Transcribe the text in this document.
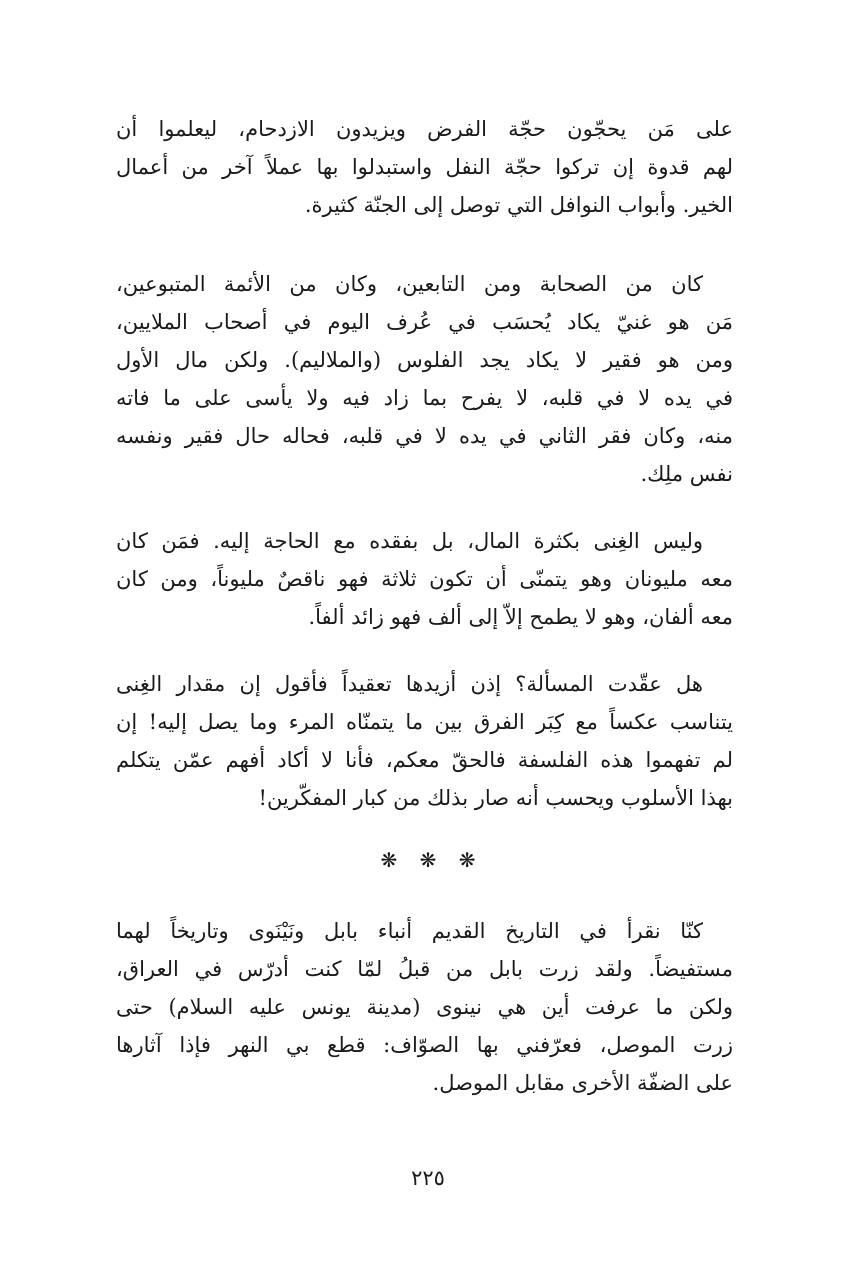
على مَن يحجّون حجّة الفرض ويزيدون الازدحام، ليعلموا أن
لهم قدوة إن تركوا حجّة النفل واستبدلوا بها عملاً آخر من أعمال
الخير. وأبواب النوافل التي توصل إلى الجنّة كثيرة.
كان من الصحابة ومن التابعين، وكان من الأئمة المتبوعين،
مَن هو غنيّ يكاد يُحسَب في عُرف اليوم في أصحاب الملايين،
ومن هو فقير لا يكاد يجد الفلوس (والملاليم). ولكن مال الأول
في يده لا في قلبه، لا يفرح بما زاد فيه ولا يأسى على ما فاته
منه، وكان فقر الثاني في يده لا في قلبه، فحاله حال فقير ونفسه
نفس ملِك.
وليس الغِنى بكثرة المال، بل بفقده مع الحاجة إليه. فمَن كان
معه مليونان وهو يتمنّى أن تكون ثلاثة فهو ناقصٌ مليوناً، ومن كان
معه ألفان، وهو لا يطمح إلاّ إلى ألف فهو زائد ألفاً.
هل عقّدت المسألة؟ إذن أزيدها تعقيداً فأقول إن مقدار الغِنى
يتناسب عكساً مع كِبَر الفرق بين ما يتمنّاه المرء وما يصل إليه! إن
لم تفهموا هذه الفلسفة فالحقّ معكم، فأنا لا أكاد أفهم عمّن يتكلم
بهذا الأسلوب ويحسب أنه صار بذلك من كبار المفكّرين!
❋ ❋ ❋
كنّا نقرأ في التاريخ القديم أنباء بابل ونَيْنَوى وتاريخاً لهما
مستفيضاً. ولقد زرت بابل من قبلُ لمّا كنت أدرّس في العراق،
ولكن ما عرفت أين هي نينوى (مدينة يونس عليه السلام) حتى
زرت الموصل، فعرّفني بها الصوّاف: قطع بي النهر فإذا آثارها
على الضفّة الأخرى مقابل الموصل.
٢٢٥
